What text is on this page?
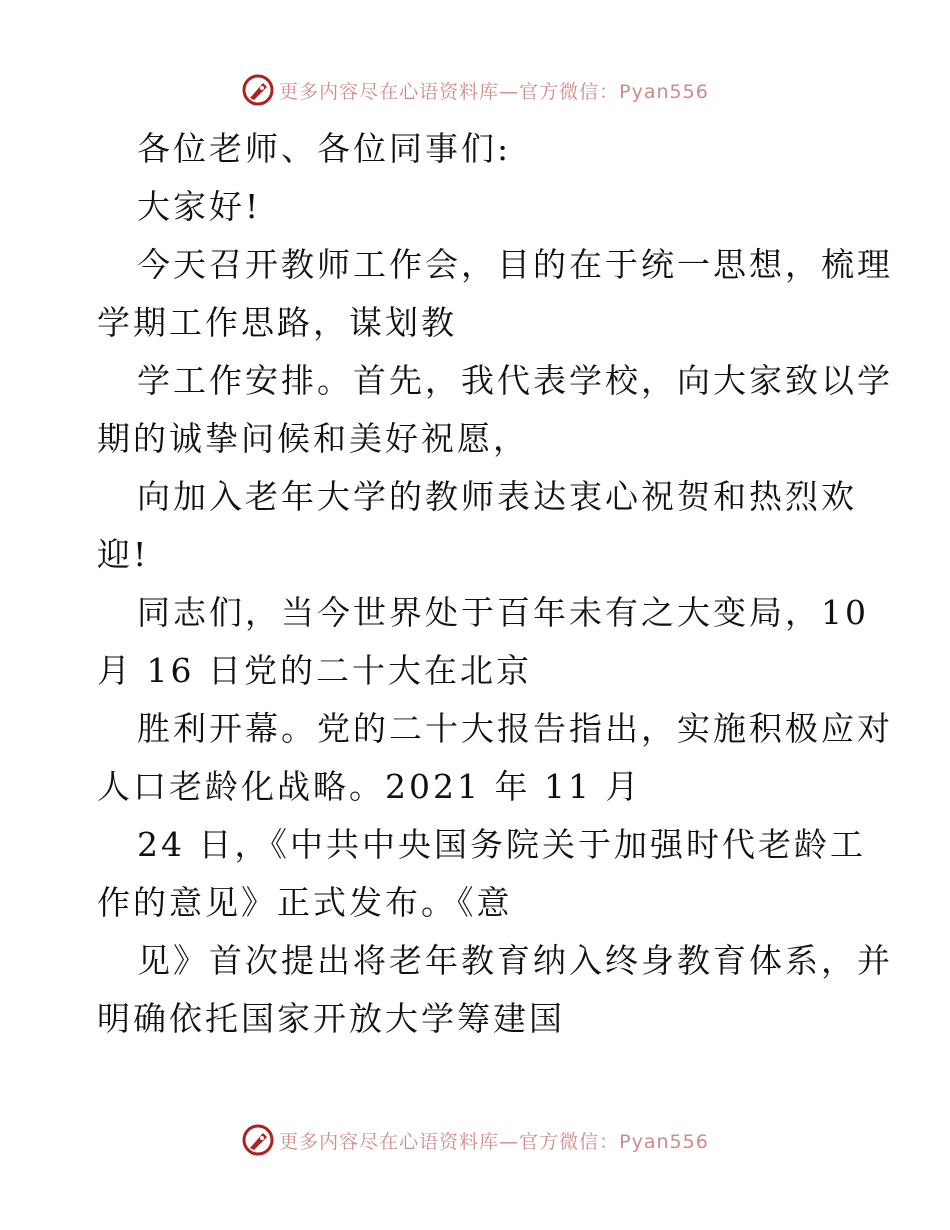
更多内容尽在心语资料库—官方微信：Pyan556
各位老师、各位同事们:
大家好!
今天召开教师工作会，目的在于统一思想，梳理
学期工作思路，谋划教
学工作安排。首先，我代表学校，向大家致以学
期的诚挚问候和美好祝愿，
向加入老年大学的教师表达衷心祝贺和热烈欢
迎!
同志们，当今世界处于百年未有之大变局，10
月 16 日党的二十大在北京
胜利开幕。党的二十大报告指出，实施积极应对
人口老龄化战略。2021 年 11 月
24 日，《中共中央国务院关于加强时代老龄工
作的意见》正式发布。《意
见》首次提出将老年教育纳入终身教育体系，并
明确依托国家开放大学筹建国
更多内容尽在心语资料库—官方微信：Pyan556
